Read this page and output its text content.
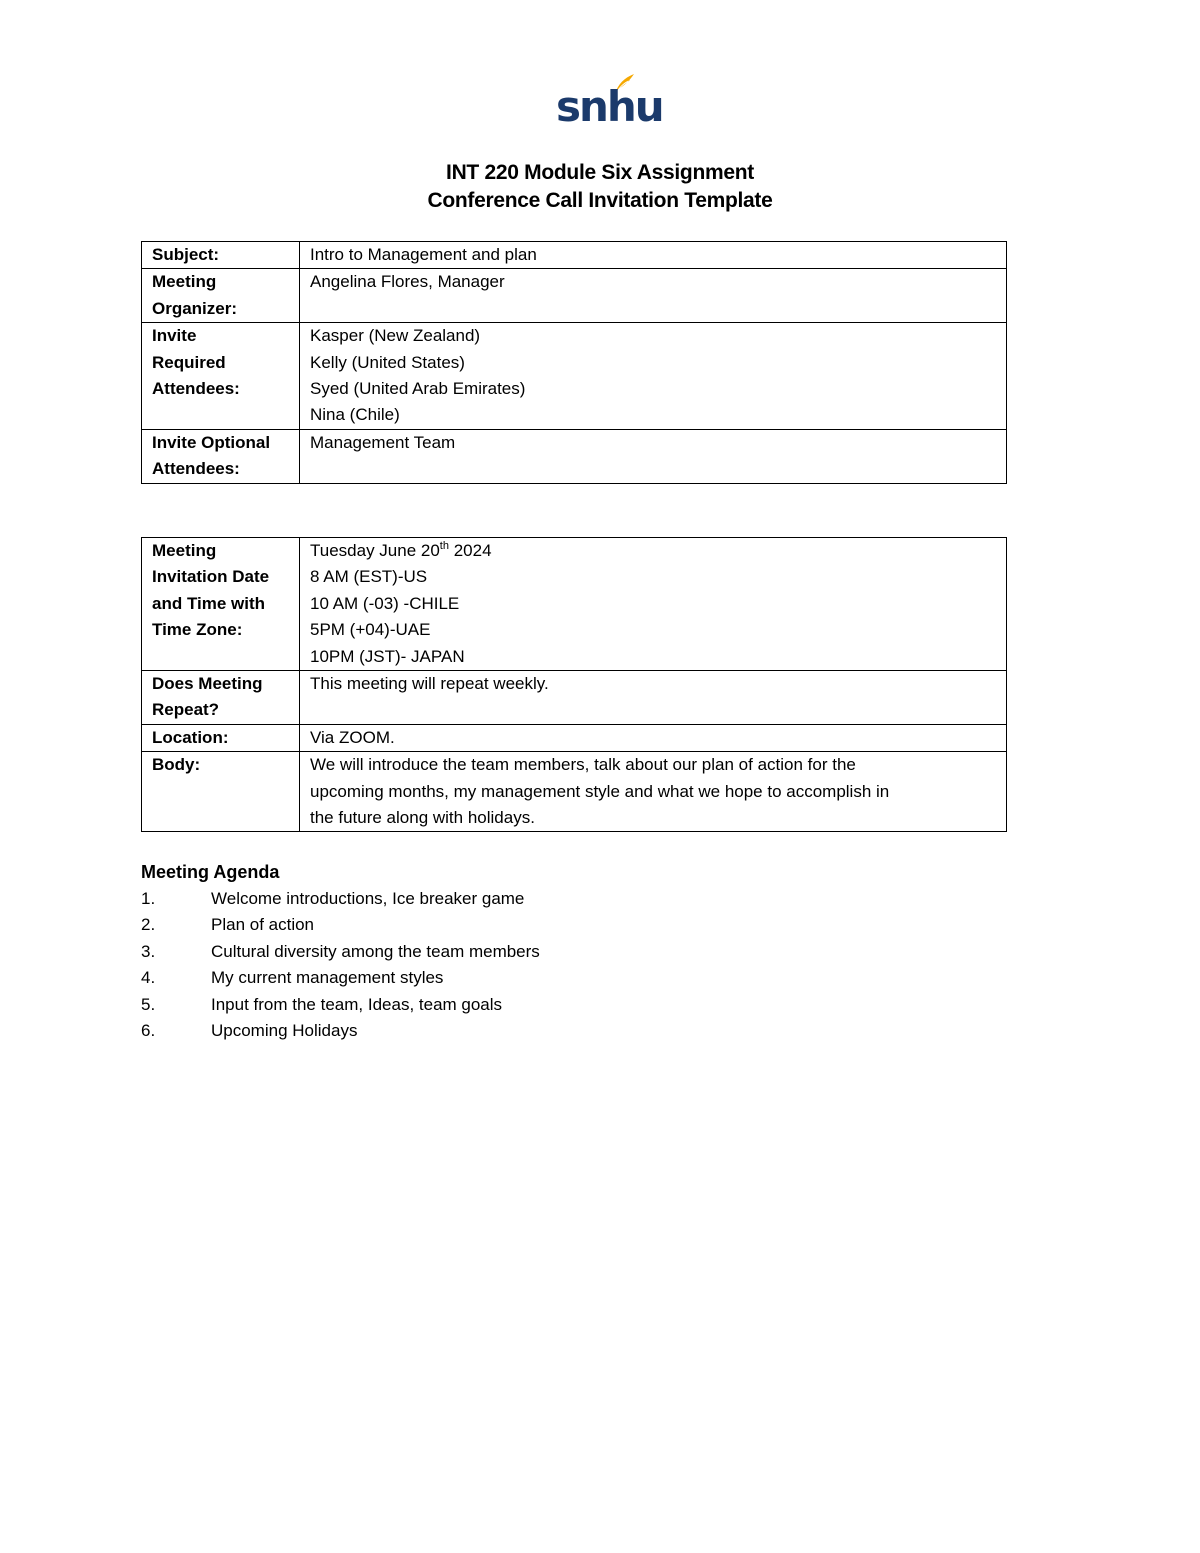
snhu
INT 220 Module Six Assignment
Conference Call Invitation Template
Subject:	Intro to Management and plan

Meeting
Organizer:	Angelina Flores, Manager

Invite
Required
Attendees:	Kasper (New Zealand)
Kelly (United States)
Syed (United Arab Emirates)
Nina (Chile)

Invite Optional
Attendees:	Management Team
Meeting
Invitation Date
and Time with
Time Zone:	Tuesday June 20th 2024
8 AM (EST)-US
10 AM (-03) -CHILE
5PM (+04)-UAE
10PM (JST)- JAPAN

Does Meeting
Repeat?	This meeting will repeat weekly.

Location:	Via ZOOM.

Body:	We will introduce the team members, talk about our plan of action for the
upcoming months, my management style and what we hope to accomplish in
the future along with holidays.
Meeting Agenda
1.	Welcome introductions, Ice breaker game
2.	Plan of action
3.	Cultural diversity among the team members
4.	My current management styles
5.	Input from the team, Ideas, team goals
6.	Upcoming Holidays
